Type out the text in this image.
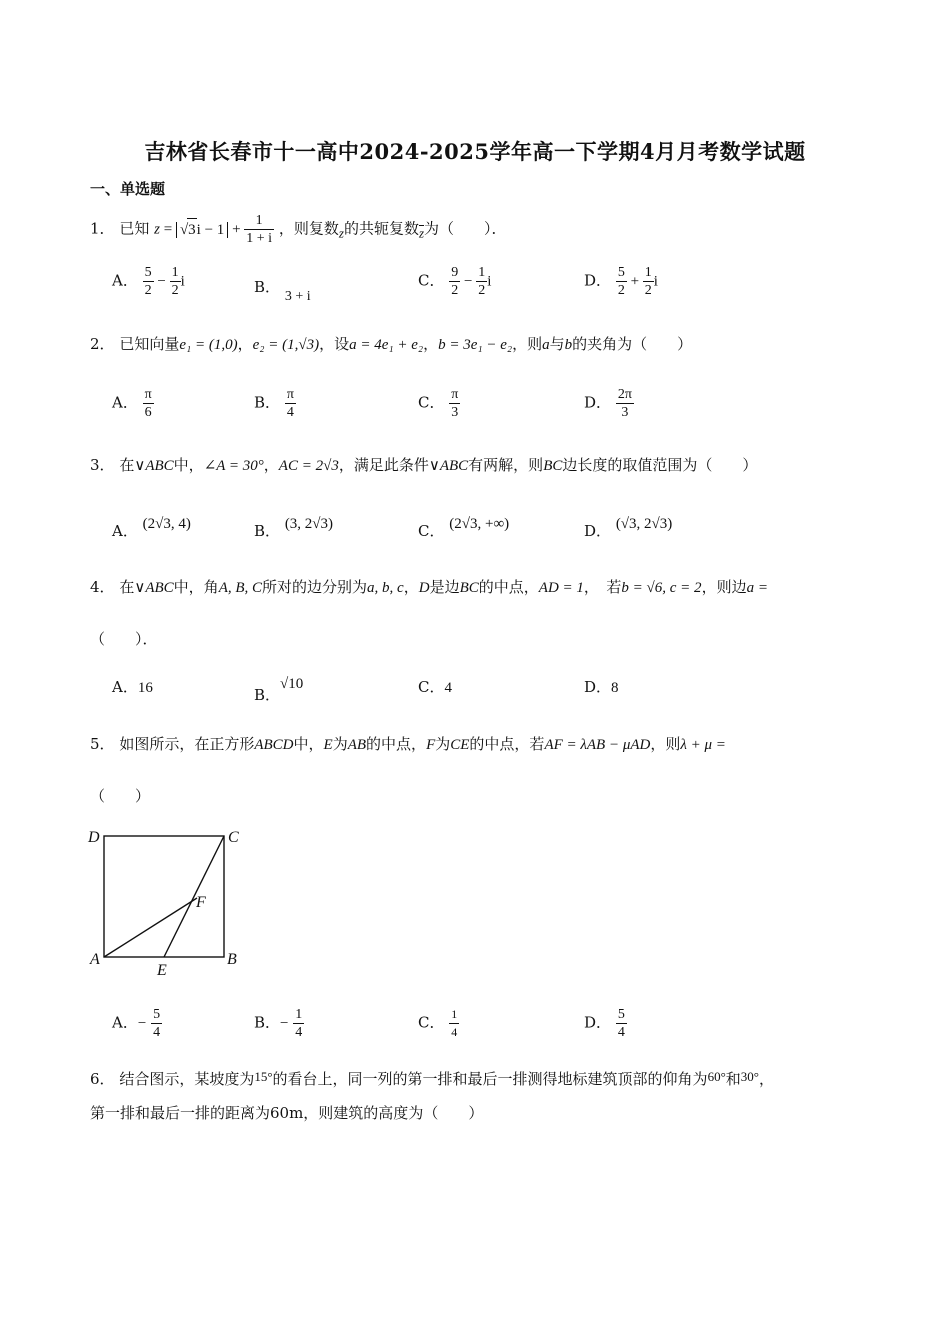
吉林省长春市十一高中2024-2025学年高一下学期4月月考数学试题
一、单选题
1． 已知 $z = √3i - 1 + \frac{1}{1 + i}$ ，则复数z的共轭复数$\overline{z}$为（　　）．
A． $\frac{5}{2} - \frac{1}{2}$ i	B． 3 + i
C． $\frac{9}{2} - \frac{1}{2}$ i	D． $\frac{5}{2} + \frac{1}{2}$ i
2． 已知向量e₁ = (1,0)，e₂ = (1,√3)，设a = 4e₁ + e₂，b = 3e₁ − e₂，则a与b的夹角为（　　）
A． $\frac{\pi}{6}$	B． $\frac{\pi}{4}$	C． $\frac{\pi}{3}$	D． $\frac{2\pi}{3}$
3． 在∨ABC中，∠A = 30°，AC = 2√3，满足此条件∨ABC有两解，则BC边长度的取值范围为（　　）
A． (2√3, 4)	B． (3, 2√3)	C． (2√3, +∞)	D． (√3, 2√3)
4． 在∨ABC中，角A, B, C所对的边分别为a, b, c，D是边BC的中点，AD = 1，　若b = √6, c = 2，则边a =
（　　）．
A．16	B．√10	C．4	D．8
5． 如图所示，在正方形ABCD中，E为AB的中点，F为CE的中点，若AF = λAB − μAD，则λ + μ =
（　　）
D	C
A	B
E
F
A．− $\frac{5}{4}$	B．− $\frac{1}{4}$	C． $\frac{1}{4}$	D． $\frac{5}{4}$
6． 结合图示，某坡度为15°的看台上，同一列的第一排和最后一排测得地标建筑顶部的仰角为60°和30°，
第一排和最后一排的距离为60m，则建筑的高度为（　　）
